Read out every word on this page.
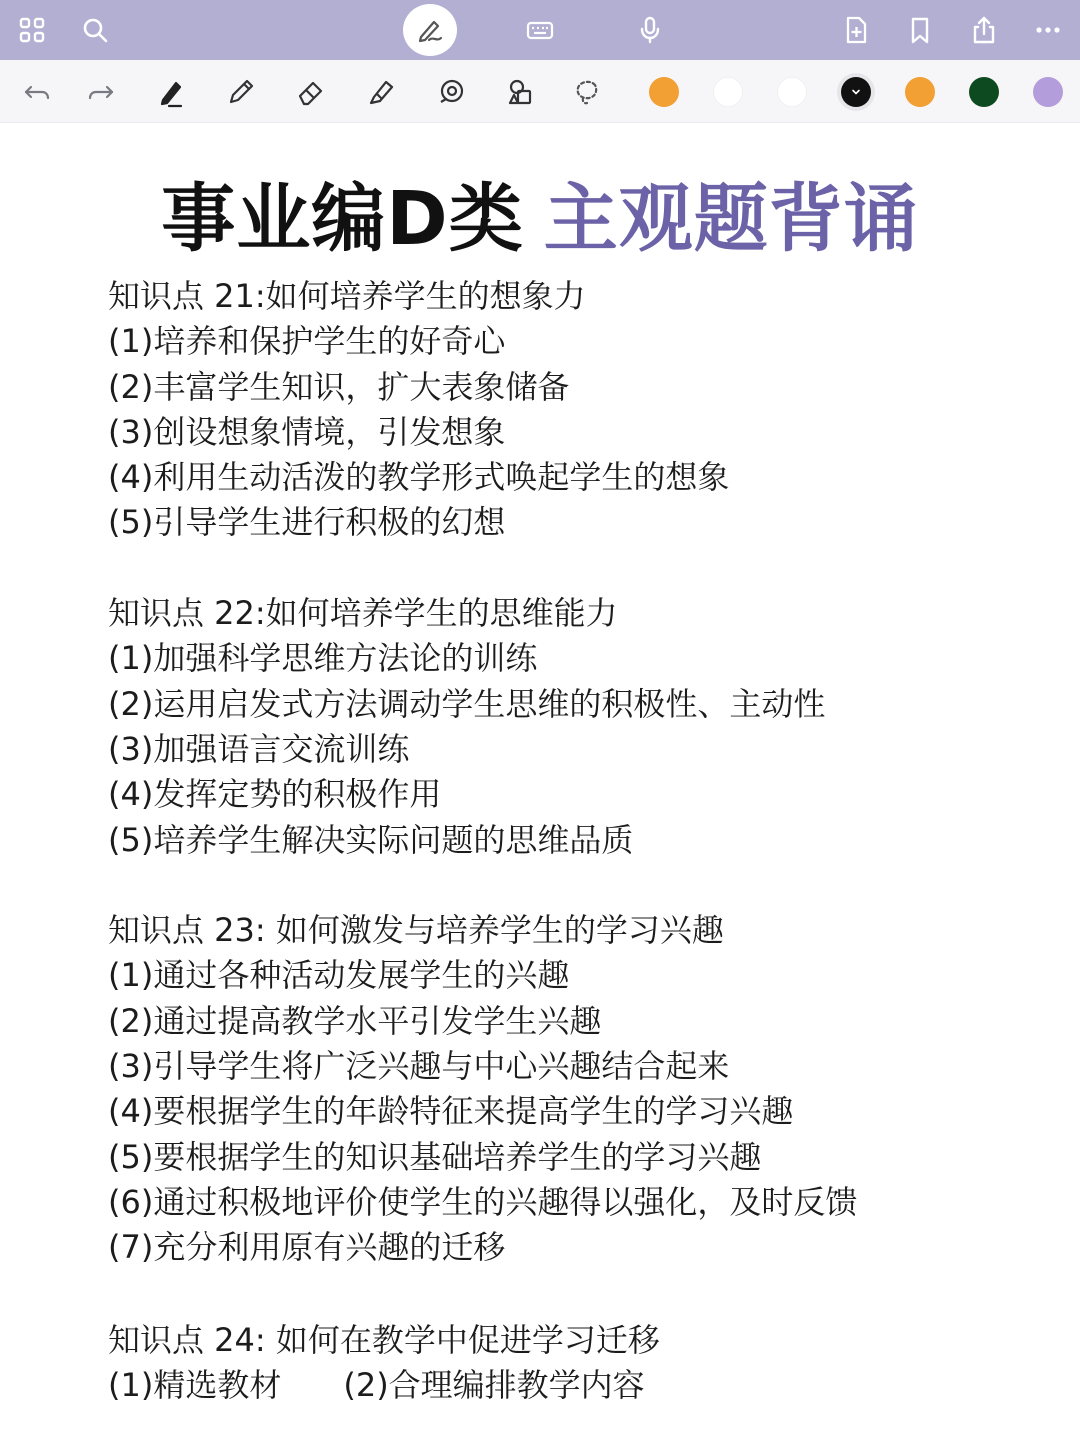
事业编D类 主观题背诵
知识点 21:如何培养学生的想象力
(1)培养和保护学生的好奇心
(2)丰富学生知识，扩大表象储备
(3)创设想象情境，引发想象
(4)利用生动活泼的教学形式唤起学生的想象
(5)引导学生进行积极的幻想
知识点 22:如何培养学生的思维能力
(1)加强科学思维方法论的训练
(2)运用启发式方法调动学生思维的积极性、主动性
(3)加强语言交流训练
(4)发挥定势的积极作用
(5)培养学生解决实际问题的思维品质
知识点 23: 如何激发与培养学生的学习兴趣
(1)通过各种活动发展学生的兴趣
(2)通过提高教学水平引发学生兴趣
(3)引导学生将广泛兴趣与中心兴趣结合起来
(4)要根据学生的年龄特征来提高学生的学习兴趣
(5)要根据学生的知识基础培养学生的学习兴趣
(6)通过积极地评价使学生的兴趣得以强化，及时反馈
(7)充分利用原有兴趣的迁移
知识点 24: 如何在教学中促进学习迁移
(1)精选教材 (2)合理编排教学内容
